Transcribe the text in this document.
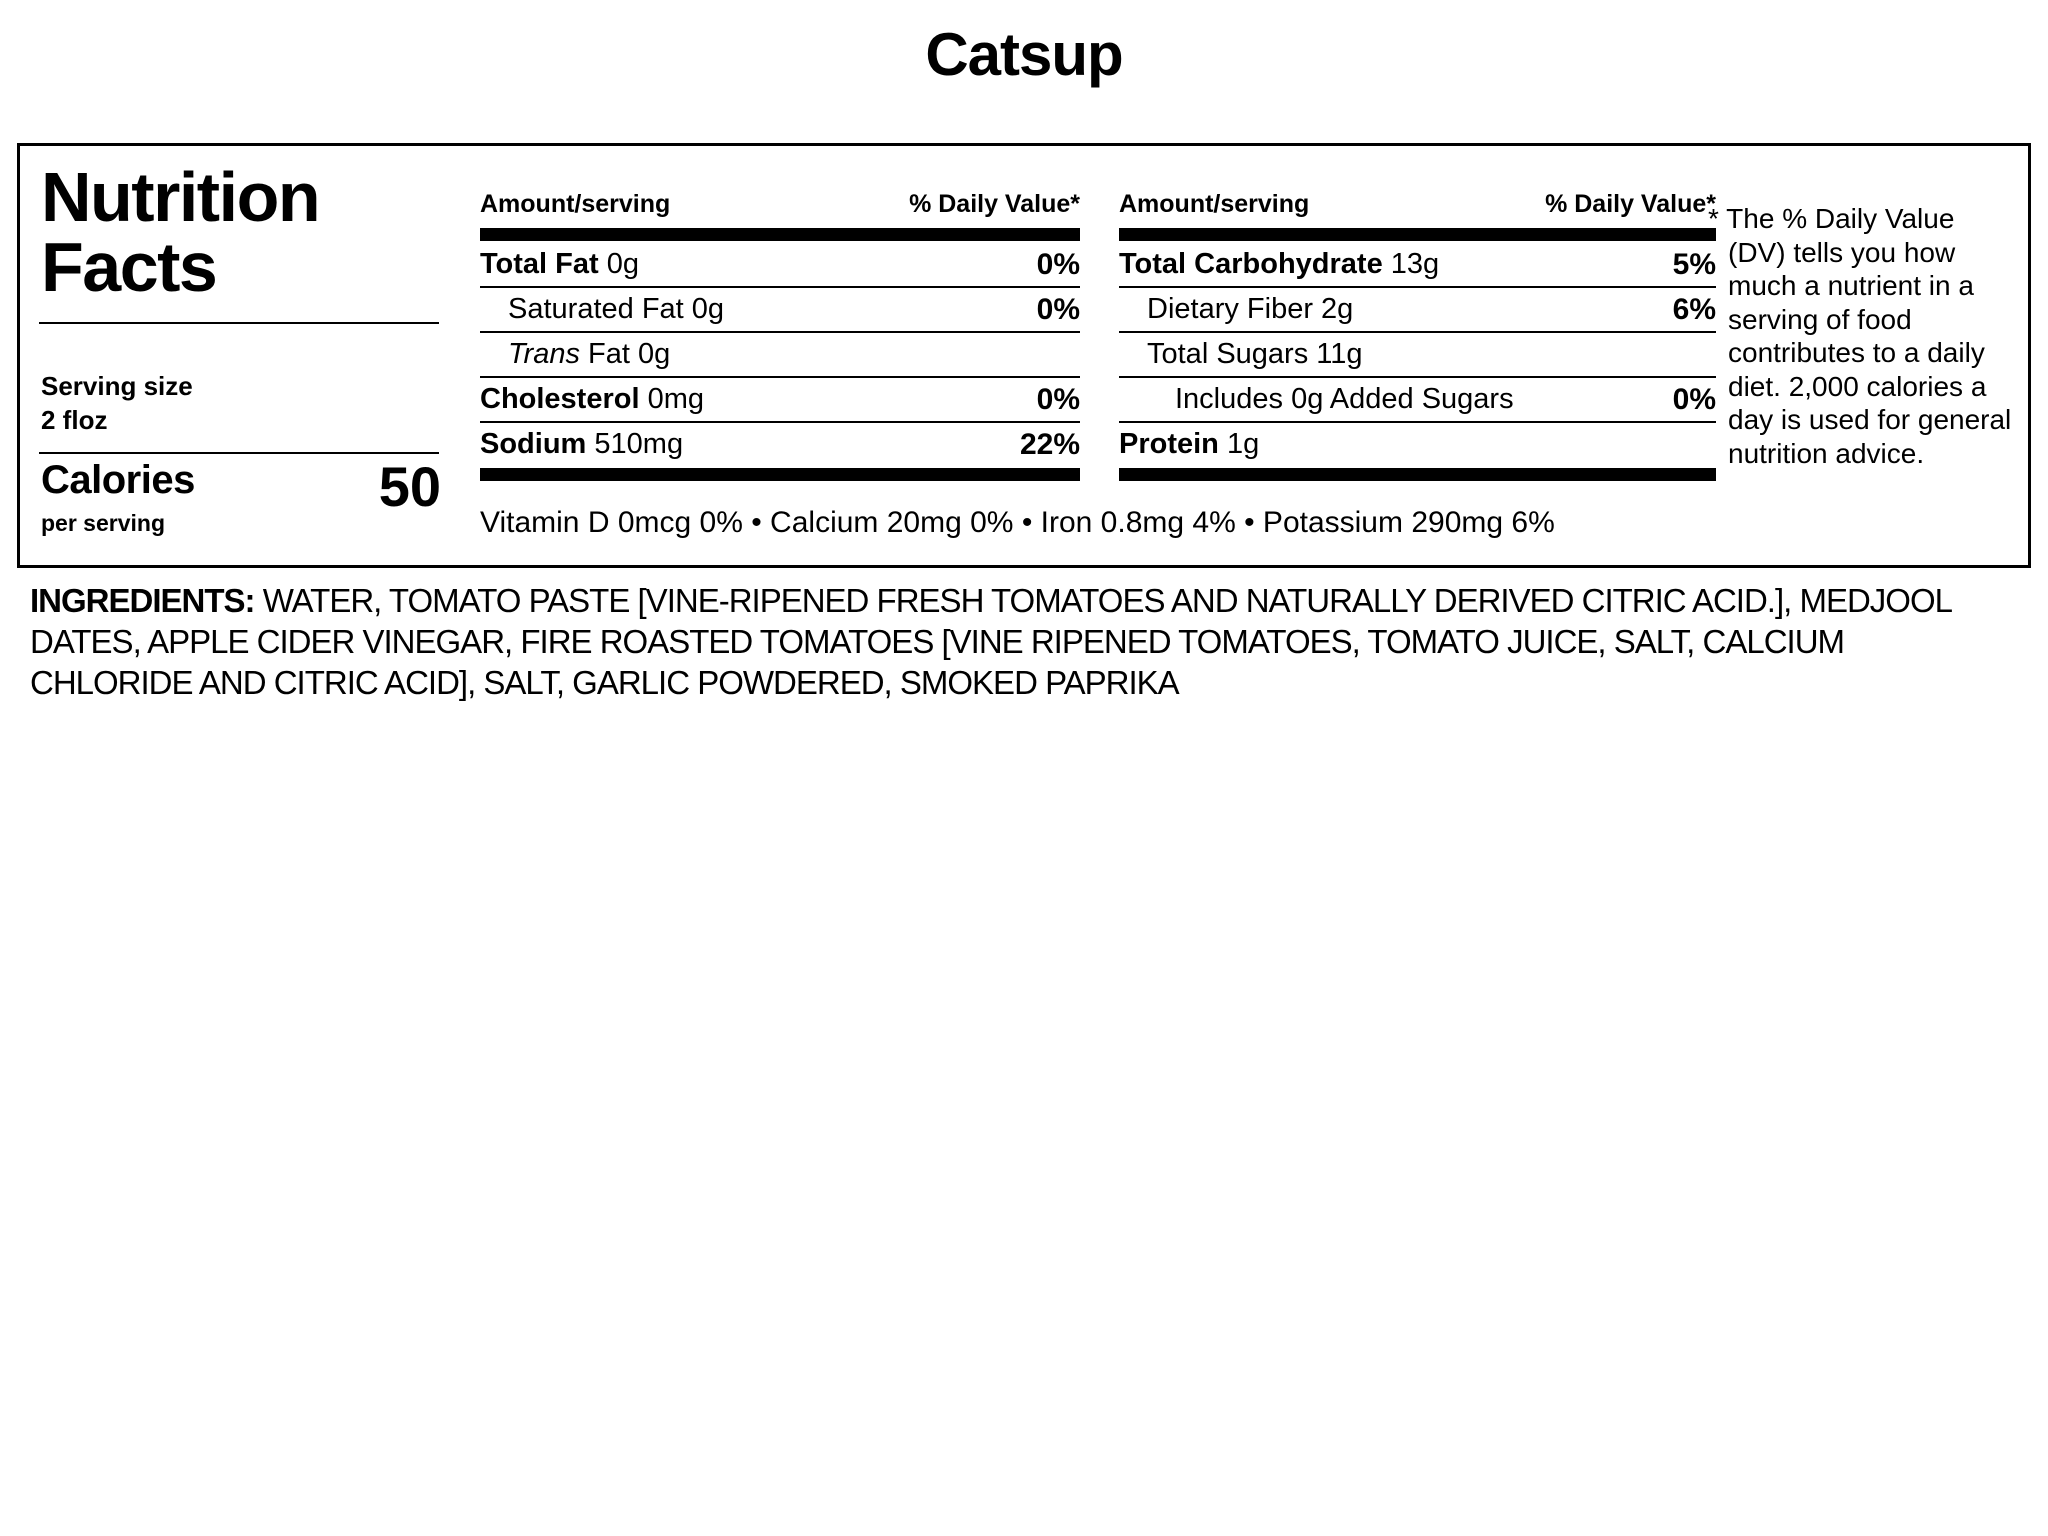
Catsup
Nutrition
Facts
Serving size
2 floz
Calories
per serving
50
Amount/serving	% Daily Value*
Total Fat 0g	0%
Saturated Fat 0g	0%
Trans Fat 0g
Cholesterol 0mg	0%
Sodium 510mg	22%
Amount/serving	% Daily Value*
Total Carbohydrate 13g	5%
Dietary Fiber 2g	6%
Total Sugars 11g
Includes 0g Added Sugars	0%
Protein 1g
Vitamin D 0mcg 0% • Calcium 20mg 0% • Iron 0.8mg 4% • Potassium 290mg 6%
* The % Daily Value (DV) tells you how much a nutrient in a serving of food contributes to a daily diet. 2,000 calories a day is used for general nutrition advice.
INGREDIENTS: WATER, TOMATO PASTE [VINE-RIPENED FRESH TOMATOES AND NATURALLY DERIVED CITRIC ACID.], MEDJOOL DATES, APPLE CIDER VINEGAR, FIRE ROASTED TOMATOES [VINE RIPENED TOMATOES, TOMATO JUICE, SALT, CALCIUM CHLORIDE AND CITRIC ACID], SALT, GARLIC POWDERED, SMOKED PAPRIKA
